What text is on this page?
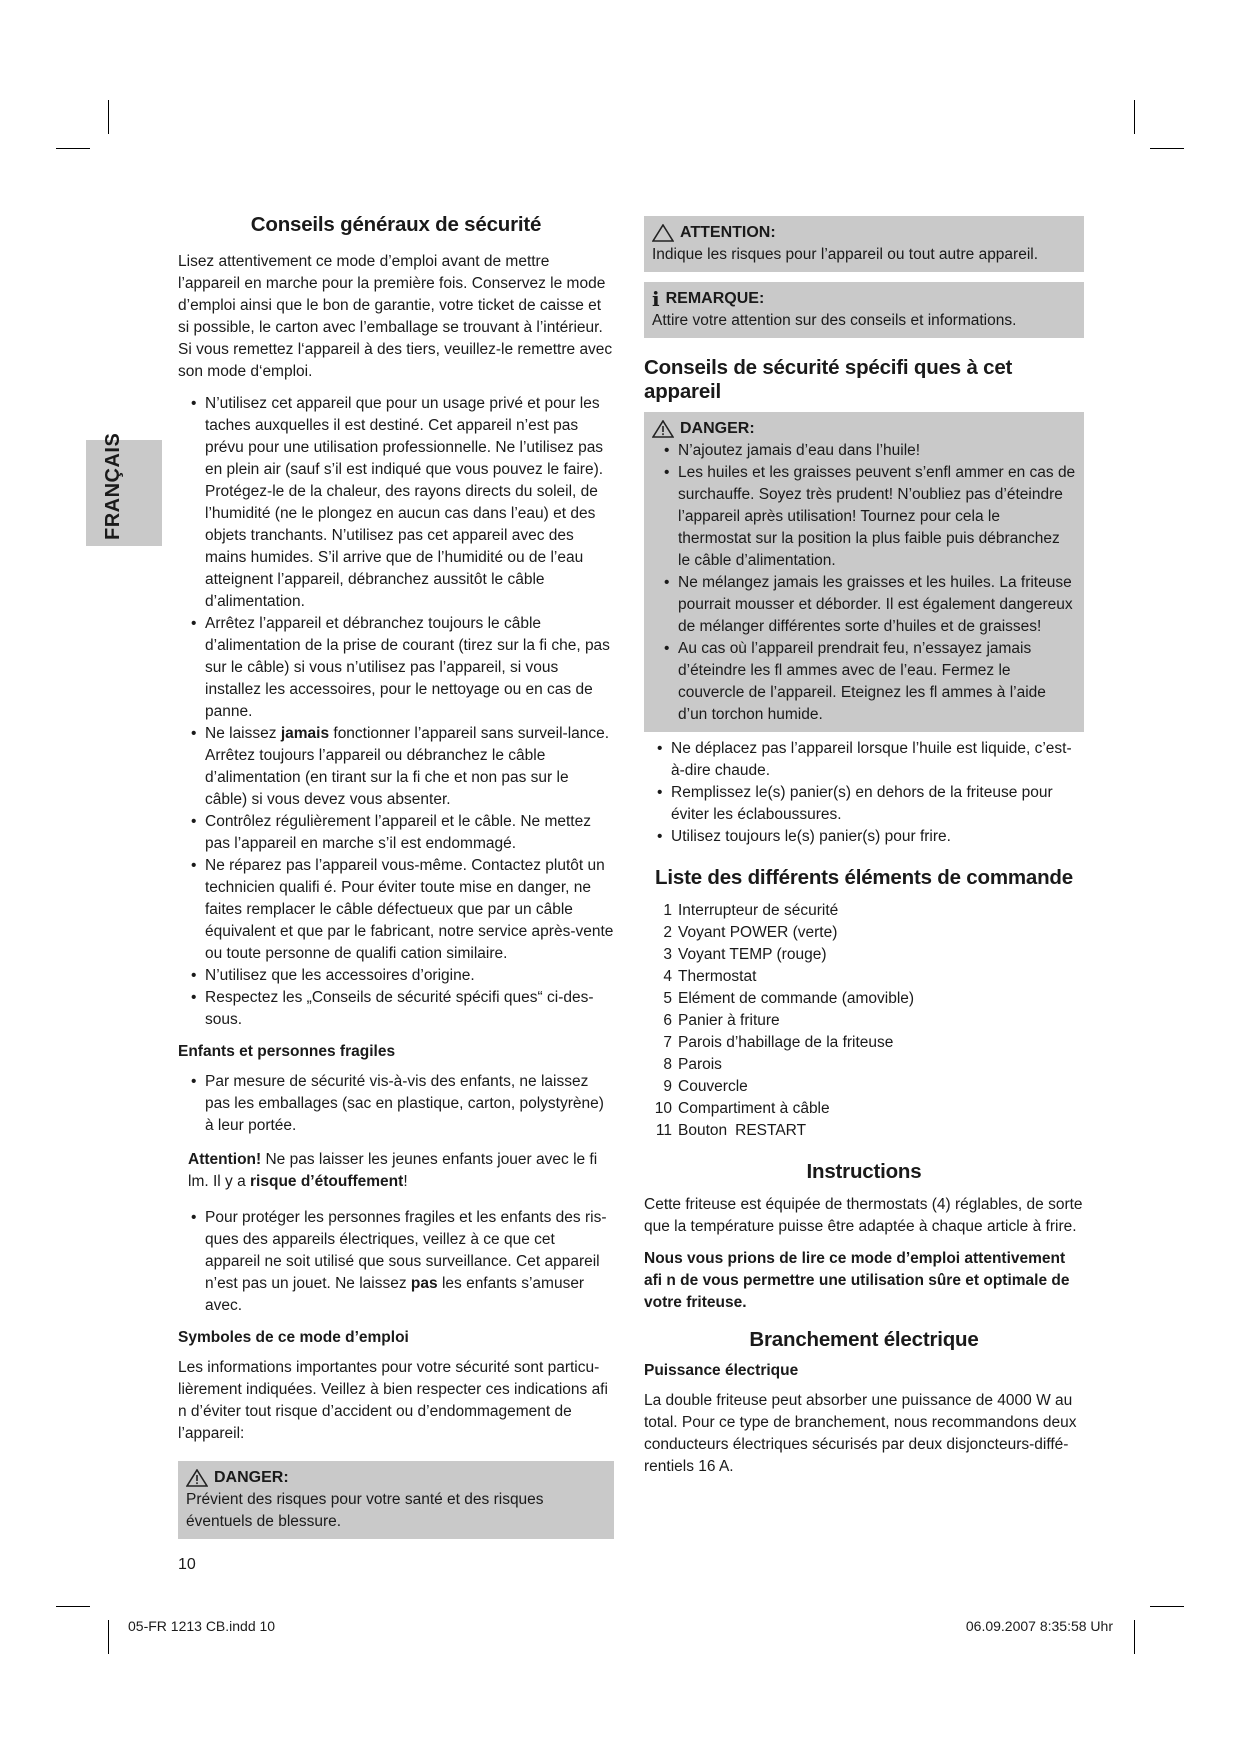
FRANÇAIS
Conseils généraux de sécurité

Lisez attentivement ce mode d’emploi avant de mettre l’appareil en marche pour la première fois. Conservez le mode d’emploi ainsi que le bon de garantie, votre ticket de caisse et si possible, le carton avec l’emballage se trouvant à l’intérieur. Si vous remettez l‘appareil à des tiers, veuillez-le remettre avec son mode d‘emploi.

• N’utilisez cet appareil que pour un usage privé et pour les taches auxquelles il est destiné. Cet appareil n’est pas prévu pour une utilisation professionnelle. Ne l’utilisez pas en plein air (sauf s’il est indiqué que vous pouvez le faire). Protégez-le de la chaleur, des rayons directs du soleil, de l’humidité (ne le plongez en aucun cas dans l’eau) et des objets tranchants. N’utilisez pas cet appareil avec des mains humides. S’il arrive que de l’humidité ou de l’eau atteignent l’appareil, débranchez aussitôt le câble d’alimentation.
• Arrêtez l’appareil et débranchez toujours le câble d’alimentation de la prise de courant (tirez sur la fi che, pas sur le câble) si vous n’utilisez pas l’appareil, si vous installez les accessoires, pour le nettoyage ou en cas de panne.
• Ne laissez jamais fonctionner l’appareil sans surveil-lance. Arrêtez toujours l’appareil ou débranchez le câble d’alimentation (en tirant sur la fi che et non pas sur le câble) si vous devez vous absenter.
• Contrôlez régulièrement l’appareil et le câble. Ne mettez pas l’appareil en marche s’il est endommagé.
• Ne réparez pas l’appareil vous-même. Contactez plutôt un technicien qualifi é. Pour éviter toute mise en danger, ne faites remplacer le câble défectueux que par un câble équivalent et que par le fabricant, notre service après-vente ou toute personne de qualifi cation similaire.
• N’utilisez que les accessoires d’origine.
• Respectez les „Conseils de sécurité spécifi ques“ ci-des-sous.
Enfants et personnes fragiles
• Par mesure de sécurité vis-à-vis des enfants, ne laissez pas les emballages (sac en plastique, carton, polystyrène) à leur portée.
Attention! Ne pas laisser les jeunes enfants jouer avec le fi lm. Il y a risque d’étouffement!
• Pour protéger les personnes fragiles et les enfants des ris-ques des appareils électriques, veillez à ce que cet appareil ne soit utilisé que sous surveillance. Cet appareil n’est pas un jouet. Ne laissez pas les enfants s’amuser avec.
Symboles de ce mode d’emploi

Les informations importantes pour votre sécurité sont particu-lièrement indiquées. Veillez à bien respecter ces indications afi n d’éviter tout risque d’accident ou d’endommagement de l’appareil:

DANGER:
Prévient des risques pour votre santé et des risques éventuels de blessure.
ATTENTION:
Indique les risques pour l’appareil ou tout autre appareil.
i REMARQUE:
Attire votre attention sur des conseils et informations.
Conseils de sécurité spécifi ques à cet appareil
DANGER:
• N’ajoutez jamais d’eau dans l’huile!
• Les huiles et les graisses peuvent s’enfl ammer en cas de surchauffe. Soyez très prudent! N’oubliez pas d’éteindre l’appareil après utilisation! Tournez pour cela le thermostat sur la position la plus faible puis débranchez le câble d’alimentation.
• Ne mélangez jamais les graisses et les huiles. La friteuse pourrait mousser et déborder. Il est également dangereux de mélanger différentes sorte d’huiles et de graisses!
• Au cas où l’appareil prendrait feu, n’essayez jamais d’éteindre les fl ammes avec de l’eau. Fermez le couvercle de l’appareil. Eteignez les fl ammes à l’aide d’un torchon humide.
• Ne déplacez pas l’appareil lorsque l’huile est liquide, c’est-à-dire chaude.
• Remplissez le(s) panier(s) en dehors de la friteuse pour éviter les éclaboussures.
• Utilisez toujours le(s) panier(s) pour frire.
Liste des différents éléments de commande
1 Interrupteur de sécurité
2 Voyant POWER (verte)
3 Voyant TEMP (rouge)
4 Thermostat
5 Elément de commande (amovible)
6 Panier à friture
7 Parois d’habillage de la friteuse
8 Parois
9 Couvercle
10 Compartiment à câble
11 Bouton RESTART
Instructions

Cette friteuse est équipée de thermostats (4) réglables, de sorte que la température puisse être adaptée à chaque article à frire.

Nous vous prions de lire ce mode d’emploi attentivement afi n de vous permettre une utilisation sûre et optimale de votre friteuse.

Branchement électrique
Puissance électrique

La double friteuse peut absorber une puissance de 4000 W au total. Pour ce type de branchement, nous recommandons deux conducteurs électriques sécurisés par deux disjoncteurs-diffé-rentiels 16 A.

10
05-FR 1213 CB.indd 10	06.09.2007 8:35:58 Uhr
